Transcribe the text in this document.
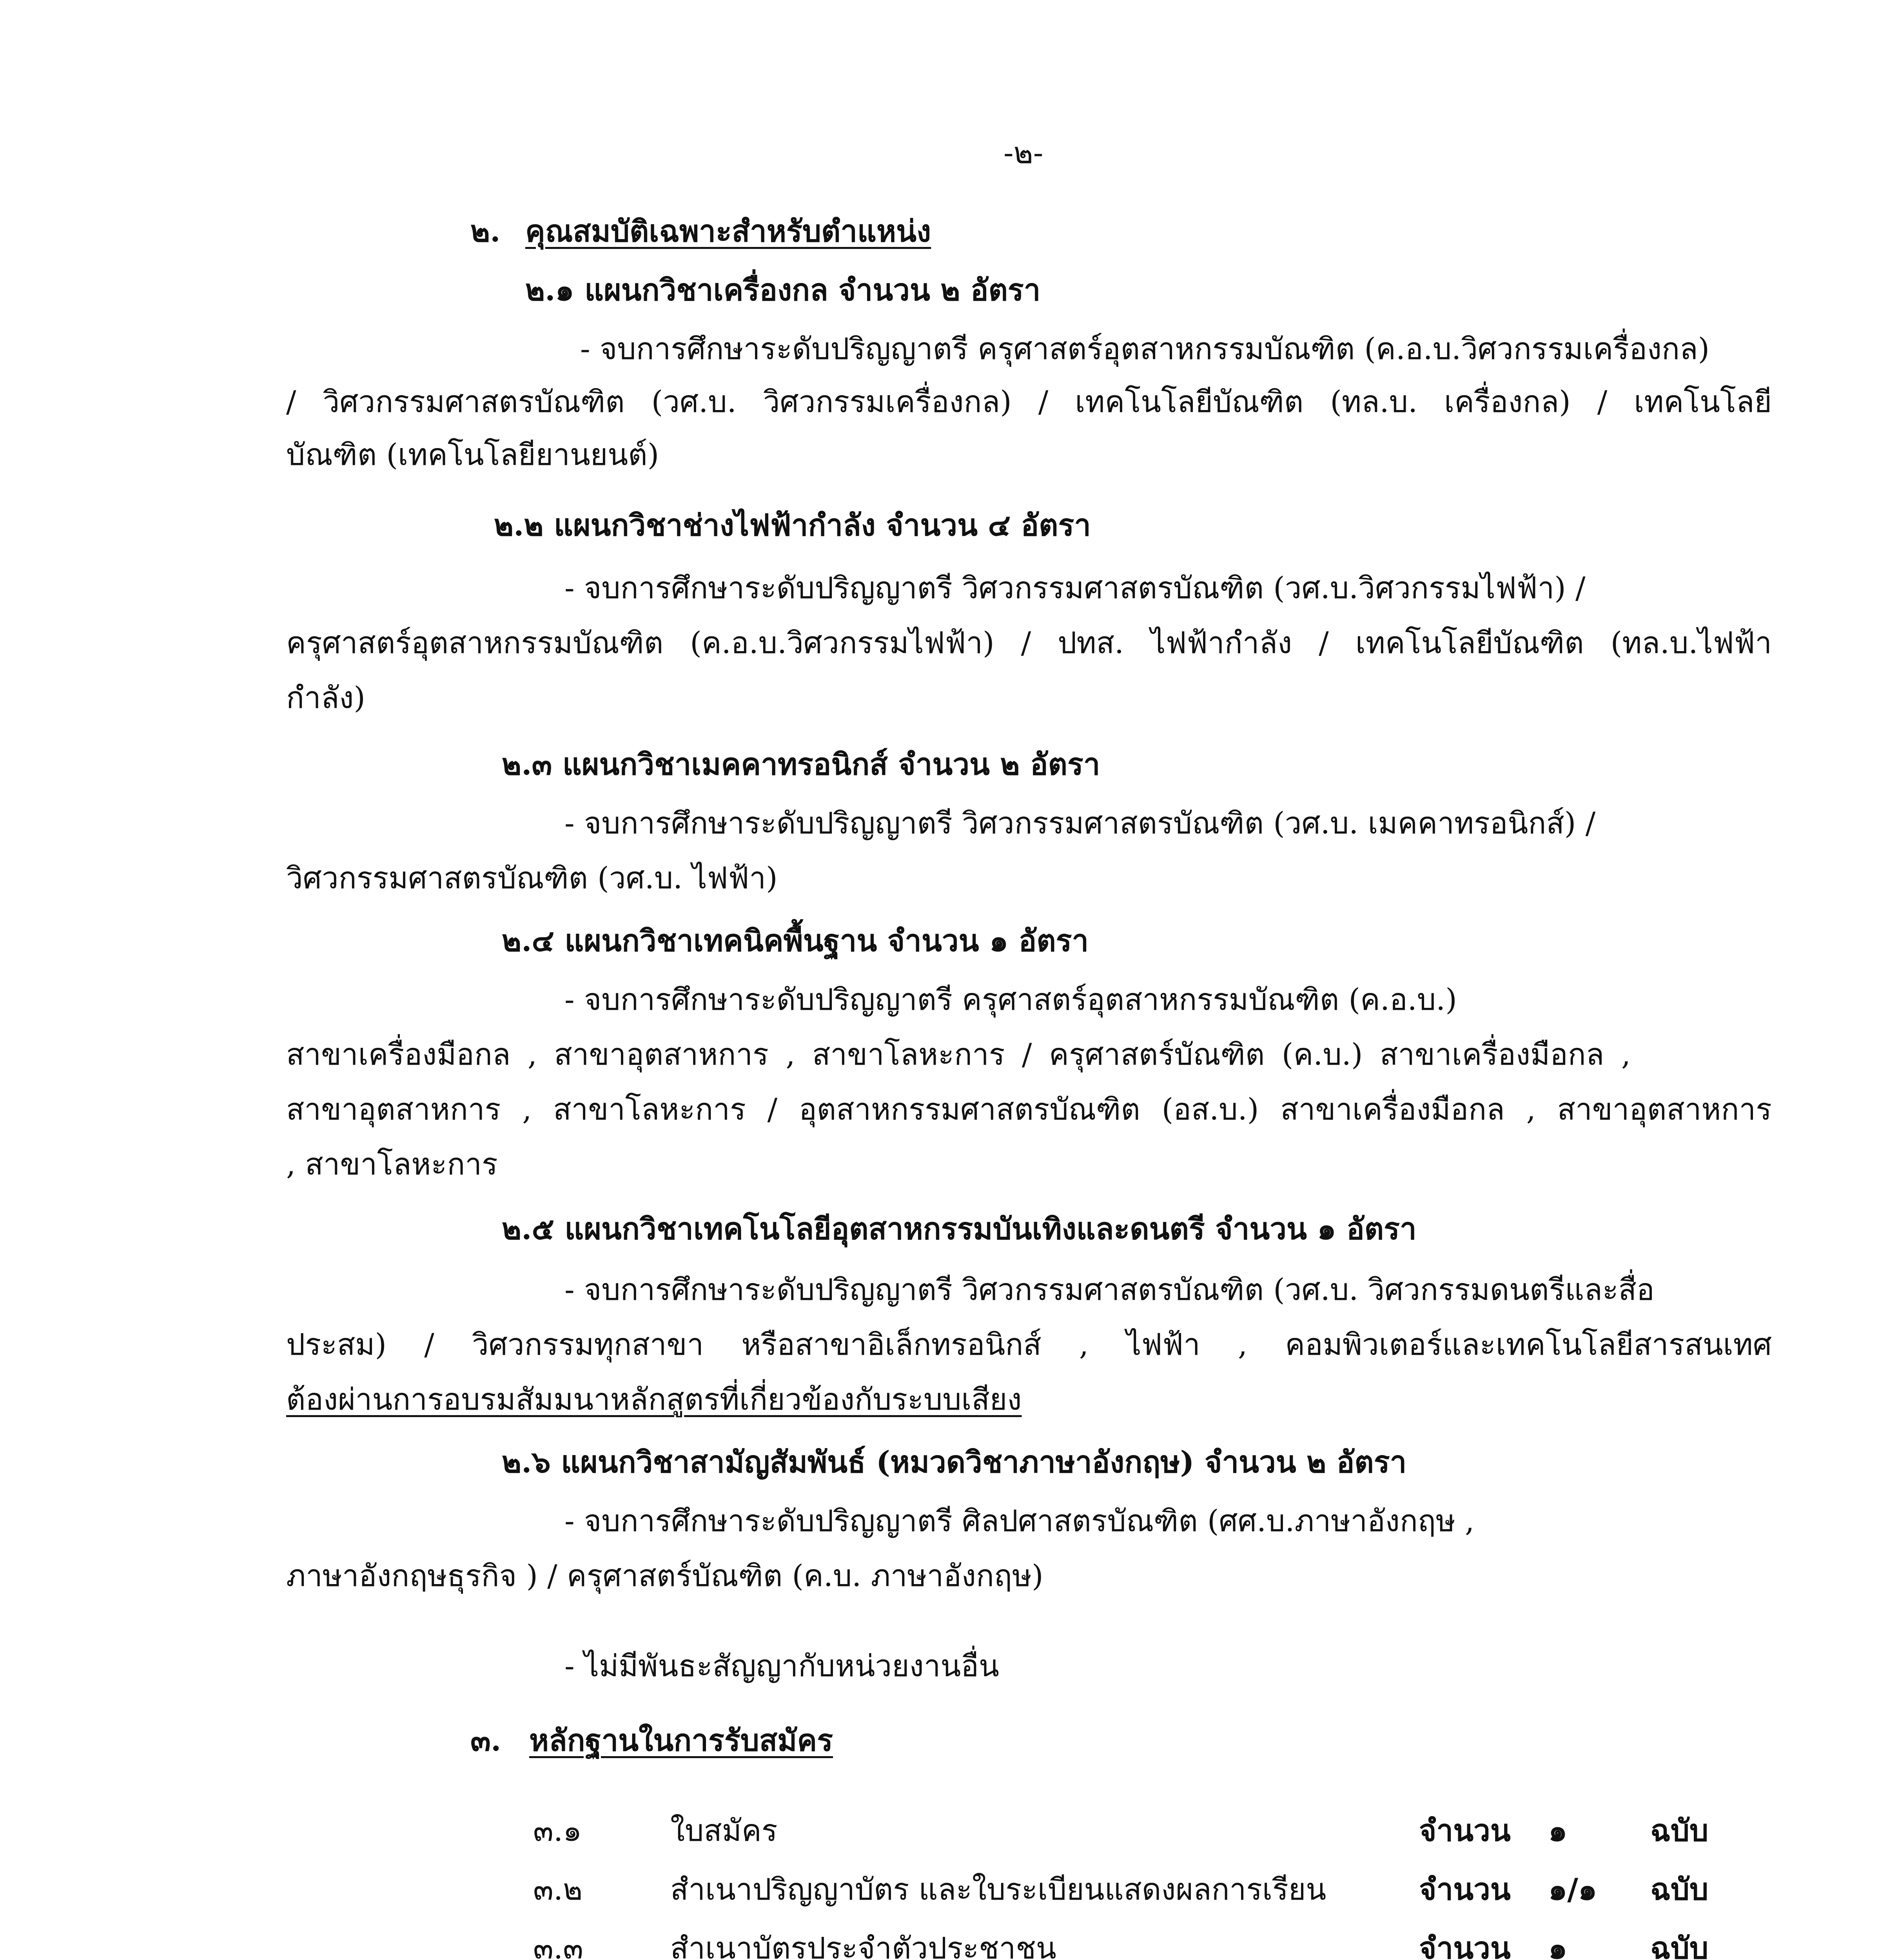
-๒-
๒. คุณสมบัติเฉพาะสำหรับตำแหน่ง
๒.๑ แผนกวิชาเครื่องกล จำนวน ๒ อัตรา
- จบการศึกษาระดับปริญญาตรี ครุศาสตร์อุตสาหกรรมบัณฑิต (ค.อ.บ.วิศวกรรมเครื่องกล)
/ วิศวกรรมศาสตรบัณฑิต (วศ.บ. วิศวกรรมเครื่องกล) / เทคโนโลยีบัณฑิต (ทล.บ. เครื่องกล) / เทคโนโลยี
บัณฑิต (เทคโนโลยียานยนต์)
๒.๒ แผนกวิชาช่างไฟฟ้ากำลัง จำนวน ๔ อัตรา
- จบการศึกษาระดับปริญญาตรี วิศวกรรมศาสตรบัณฑิต (วศ.บ.วิศวกรรมไฟฟ้า) /
ครุศาสตร์อุตสาหกรรมบัณฑิต (ค.อ.บ.วิศวกรรมไฟฟ้า) / ปทส. ไฟฟ้ากำลัง / เทคโนโลยีบัณฑิต (ทล.บ.ไฟฟ้า
กำลัง)
๒.๓ แผนกวิชาเมคคาทรอนิกส์ จำนวน ๒ อัตรา
- จบการศึกษาระดับปริญญาตรี วิศวกรรมศาสตรบัณฑิต (วศ.บ. เมคคาทรอนิกส์) /
วิศวกรรมศาสตรบัณฑิต (วศ.บ. ไฟฟ้า)
๒.๔ แผนกวิชาเทคนิคพื้นฐาน จำนวน ๑ อัตรา
- จบการศึกษาระดับปริญญาตรี ครุศาสตร์อุตสาหกรรมบัณฑิต (ค.อ.บ.)
สาขาเครื่องมือกล , สาขาอุตสาหการ , สาขาโลหะการ / ครุศาสตร์บัณฑิต (ค.บ.) สาขาเครื่องมือกล ,
สาขาอุตสาหการ , สาขาโลหะการ / อุตสาหกรรมศาสตรบัณฑิต (อส.บ.) สาขาเครื่องมือกล , สาขาอุตสาหการ
, สาขาโลหะการ
๒.๕ แผนกวิชาเทคโนโลยีอุตสาหกรรมบันเทิงและดนตรี จำนวน ๑ อัตรา
- จบการศึกษาระดับปริญญาตรี วิศวกรรมศาสตรบัณฑิต (วศ.บ. วิศวกรรมดนตรีและสื่อ
ประสม) / วิศวกรรมทุกสาขา หรือสาขาอิเล็กทรอนิกส์ , ไฟฟ้า , คอมพิวเตอร์และเทคโนโลยีสารสนเทศ
ต้องผ่านการอบรมสัมมนาหลักสูตรที่เกี่ยวข้องกับระบบเสียง
๒.๖ แผนกวิชาสามัญสัมพันธ์ (หมวดวิชาภาษาอังกฤษ) จำนวน ๒ อัตรา
- จบการศึกษาระดับปริญญาตรี ศิลปศาสตรบัณฑิต (ศศ.บ.ภาษาอังกฤษ ,
ภาษาอังกฤษธุรกิจ ) / ครุศาสตร์บัณฑิต (ค.บ. ภาษาอังกฤษ)
- ไม่มีพันธะสัญญากับหน่วยงานอื่น
๓. หลักฐานในการรับสมัคร
๓.๑	ใบสมัคร	จำนวน ๑	ฉบับ
๓.๒	สำเนาปริญญาบัตร และใบระเบียนแสดงผลการเรียน	จำนวน ๑/๑ ฉบับ
๓.๓	สำเนาบัตรประจำตัวประชาชน	จำนวน ๑	ฉบับ
